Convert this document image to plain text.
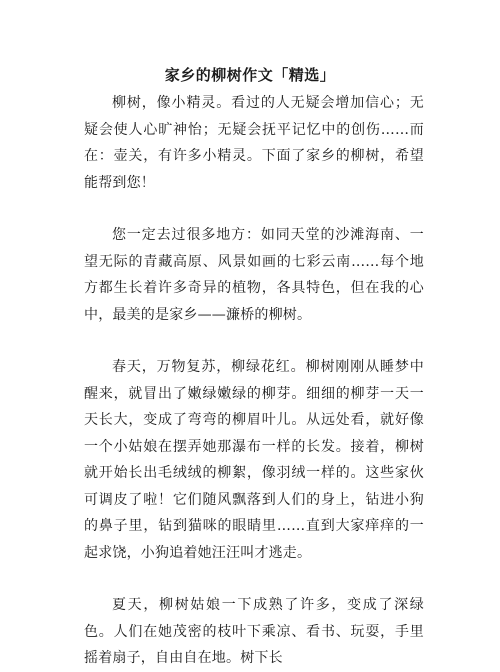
家乡的柳树作文「精选」

柳树，像小精灵。看过的人无疑会增加信心；无疑会使人心旷神怡；无疑会抚平记忆中的创伤……而在：壶关，有许多小精灵。下面了家乡的柳树，希望能帮到您！

您一定去过很多地方：如同天堂的沙滩海南、一望无际的青藏高原、风景如画的七彩云南……每个地方都生长着许多奇异的植物，各具特色，但在我的心中，最美的是家乡——濂桥的柳树。

春天，万物复苏，柳绿花红。柳树刚刚从睡梦中醒来，就冒出了嫩绿嫩绿的柳芽。细细的柳芽一天一天长大，变成了弯弯的柳眉叶儿。从远处看，就好像一个小姑娘在摆弄她那瀑布一样的长发。接着，柳树就开始长出毛绒绒的柳絮，像羽绒一样的。这些家伙可调皮了啦！它们随风飘落到人们的身上，钻进小狗的鼻子里，钻到猫咪的眼睛里……直到大家痒痒的一起求饶，小狗追着她汪汪叫才逃走。

夏天，柳树姑娘一下成熟了许多，变成了深绿色。人们在她茂密的枝叶下乘凉、看书、玩耍，手里摇着扇子，自由自在地。树下长
